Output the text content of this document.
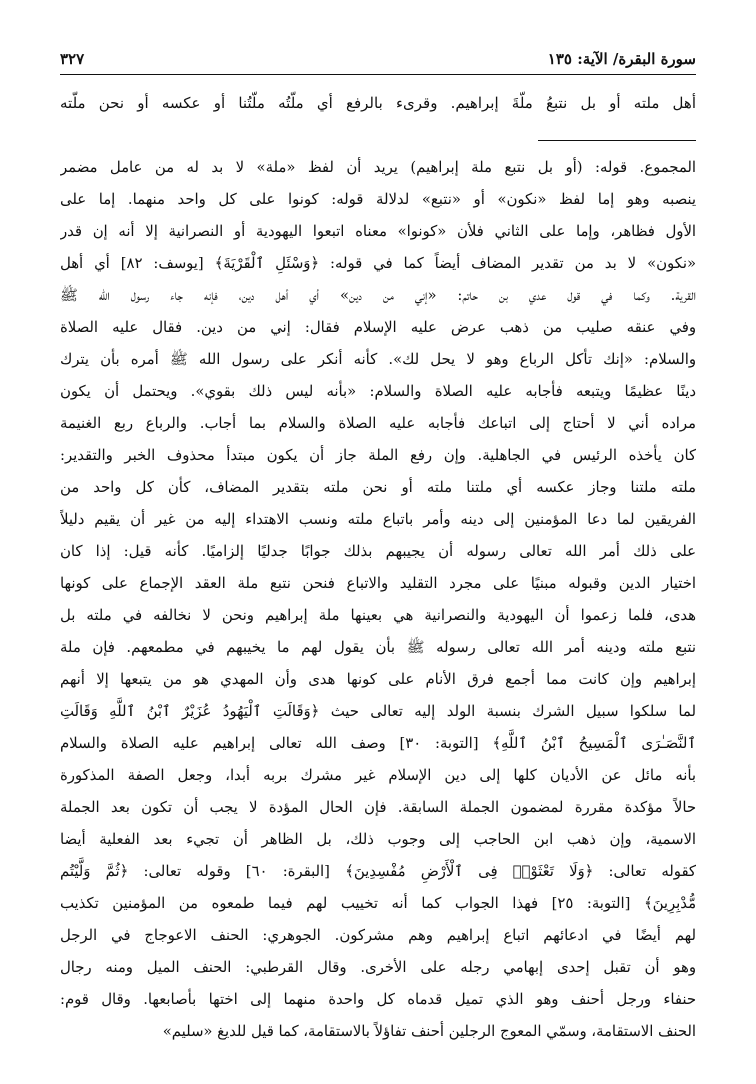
سورة البقرة/ الآية: ١٣٥
٣٢٧
أهل ملته أو بل نتبعُ ملّةَ إبراهيم. وقرىء بالرفع أي ملّتُه ملّتُنا أو عكسه أو نحن ملّته
المجموع. قوله: (أو بل نتبع ملة إبراهيم) يريد أن لفظ «ملة» لا بد له من عامل مضمر
ينصبه وهو إما لفظ «نكون» أو «نتبع» لدلالة قوله: كونوا على كل واحد منهما. إما على
الأول فظاهر، وإما على الثاني فلأن «كونوا» معناه اتبعوا اليهودية أو النصرانية إلا أنه إن قدر
«نكون» لا بد من تقدير المضاف أيضاً كما في قوله: ﴿وَسْئَلِ ٱلْقَرْيَةَ﴾ [يوسف: ٨٢] أي أهل
القرية. وكما في قول عدي بن حاتم: «إني من دين» أي أهل دين، فإنه جاء رسول الله ﷺ
وفي عنقه صليب من ذهب عرض عليه الإسلام فقال: إني من دين. فقال عليه الصلاة
والسلام: «إنك تأكل الرباع وهو لا يحل لك». كأنه أنكر على رسول الله ﷺ أمره بأن يترك
دينًا عظيمًا ويتبعه فأجابه عليه الصلاة والسلام: «بأنه ليس ذلك بقوي». ويحتمل أن يكون
مراده أني لا أحتاج إلى اتباعك فأجابه عليه الصلاة والسلام بما أجاب. والرباع ربع الغنيمة
كان يأخذه الرئيس في الجاهلية. وإن رفع الملة جاز أن يكون مبتدأ محذوف الخبر والتقدير:
ملته ملتنا وجاز عكسه أي ملتنا ملته أو نحن ملته بتقدير المضاف، كأن كل واحد من
الفريقين لما دعا المؤمنين إلى دينه وأمر باتباع ملته ونسب الاهتداء إليه من غير أن يقيم دليلاً
على ذلك أمر الله تعالى رسوله أن يجيبهم بذلك جوابًا جدليًا إلزاميًا. كأنه قيل: إذا كان
اختيار الدين وقبوله مبنيًا على مجرد التقليد والاتباع فنحن نتبع ملة العقد الإجماع على كونها
هدى، فلما زعموا أن اليهودية والنصرانية هي بعينها ملة إبراهيم ونحن لا نخالفه في ملته بل
نتبع ملته ودينه أمر الله تعالى رسوله ﷺ بأن يقول لهم ما يخيبهم في مطمعهم. فإن ملة
إبراهيم وإن كانت مما أجمع فرق الأنام على كونها هدى وأن المهدي هو من يتبعها إلا أنهم
لما سلكوا سبيل الشرك بنسبة الولد إليه تعالى حيث ﴿وَقَالَتِ ٱلْيَهُودُ عُزَيْرٌ ٱبْنُ ٱللَّهِ وَقَالَتِ
ٱلنَّصَـٰرَى ٱلْمَسِيحُ ٱبْنُ ٱللَّهِ﴾ [التوبة: ٣٠] وصف الله تعالى إبراهيم عليه الصلاة والسلام
بأنه مائل عن الأديان كلها إلى دين الإسلام غير مشرك بربه أبدا، وجعل الصفة المذكورة
حالاً مؤكدة مقررة لمضمون الجملة السابقة. فإن الحال المؤدة لا يجب أن تكون بعد الجملة
الاسمية، وإن ذهب ابن الحاجب إلى وجوب ذلك، بل الظاهر أن تجيء بعد الفعلية أيضا
كقوله تعالى: ﴿وَلَا تَعْثَوْا۟ فِى ٱلْأَرْضِ مُفْسِدِينَ﴾ [البقرة: ٦٠] وقوله تعالى: ﴿ثُمَّ وَلَّيْتُم
مُّدْبِرِينَ﴾ [التوبة: ٢٥] فهذا الجواب كما أنه تخييب لهم فيما طمعوه من المؤمنين تكذيب
لهم أيضًا في ادعائهم اتباع إبراهيم وهم مشركون. الجوهري: الحنف الاعوجاج في الرجل
وهو أن تقبل إحدى إبهامي رجله على الأخرى. وقال القرطبي: الحنف الميل ومنه رجال
حنفاء ورجل أحنف وهو الذي تميل قدماه كل واحدة منهما إلى اختها بأصابعها. وقال قوم:
الحنف الاستقامة، وسمّي المعوج الرجلين أحنف تفاؤلاً بالاستقامة، كما قيل للديغ «سليم»
